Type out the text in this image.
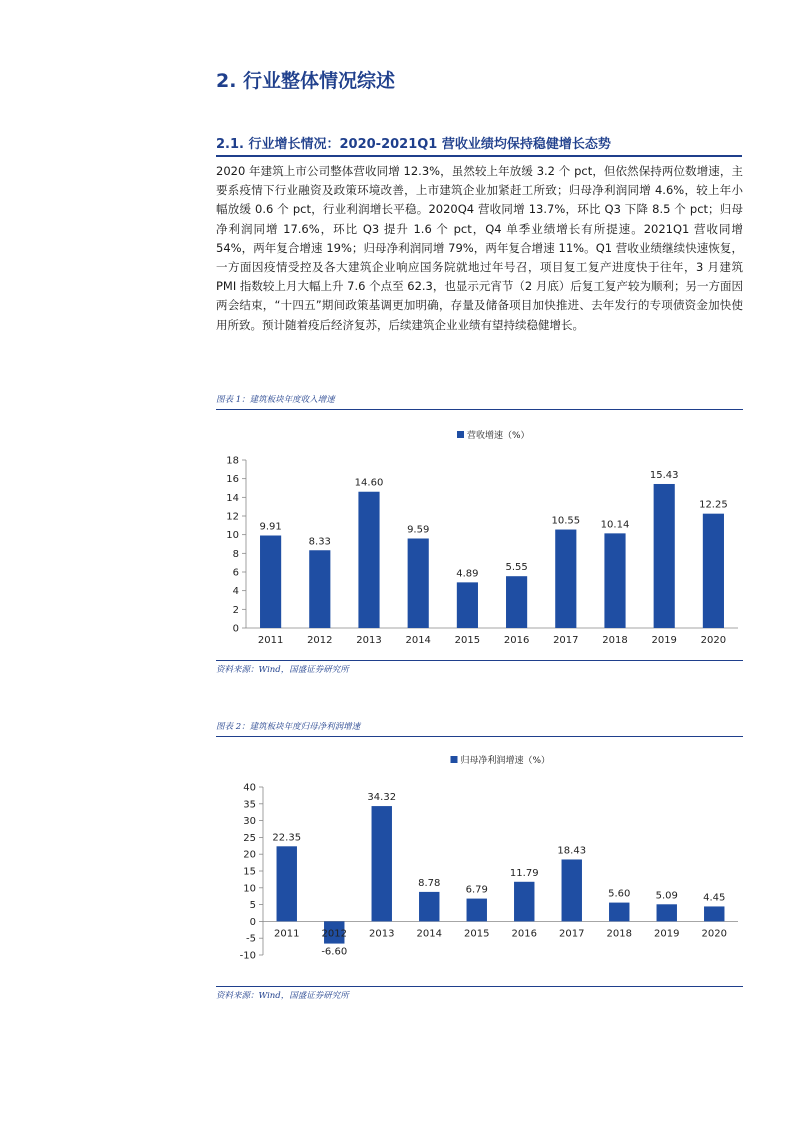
2. 行业整体情况综述
2.1. 行业增长情况：2020-2021Q1 营收业绩均保持稳健增长态势
2020 年建筑上市公司整体营收同增 12.3%，虽然较上年放缓 3.2 个 pct，但依然保持两位数增速，主要系疫情下行业融资及政策环境改善，上市建筑企业加紧赶工所致；归母净利润同增 4.6%，较上年小幅放缓 0.6 个 pct，行业利润增长平稳。2020Q4 营收同增 13.7%，环比 Q3 下降 8.5 个 pct；归母净利润同增 17.6%，环比 Q3 提升 1.6 个 pct，Q4 单季业绩增长有所提速。2021Q1 营收同增 54%，两年复合增速 19%；归母净利润同增 79%，两年复合增速 11%。Q1 营收业绩继续快速恢复，一方面因疫情受控及各大建筑企业响应国务院就地过年号召，项目复工复产进度快于往年，3 月建筑 PMI 指数较上月大幅上升 7.6 个点至 62.3，也显示元宵节（2 月底）后复工复产较为顺利；另一方面因两会结束，“十四五”期间政策基调更加明确，存量及储备项目加快推进、去年发行的专项债资金加快使用所致。预计随着疫后经济复苏，后续建筑企业业绩有望持续稳健增长。
图表 1：建筑板块年度收入增速
营收增速（%）
0
2
4
6
8
10
12
14
16
18
9.91
2011
8.33
2012
14.60
2013
9.59
2014
4.89
2015
5.55
2016
10.55
2017
10.14
2018
15.43
2019
12.25
2020
资料来源：Wind，国盛证券研究所
图表 2：建筑板块年度归母净利润增速
归母净利润增速（%）
-10
-5
0
5
10
15
20
25
30
35
40
22.35
2011
-6.60
2012
34.32
2013
8.78
2014
6.79
2015
11.79
2016
18.43
2017
5.60
2018
5.09
2019
4.45
2020
资料来源：Wind，国盛证券研究所
